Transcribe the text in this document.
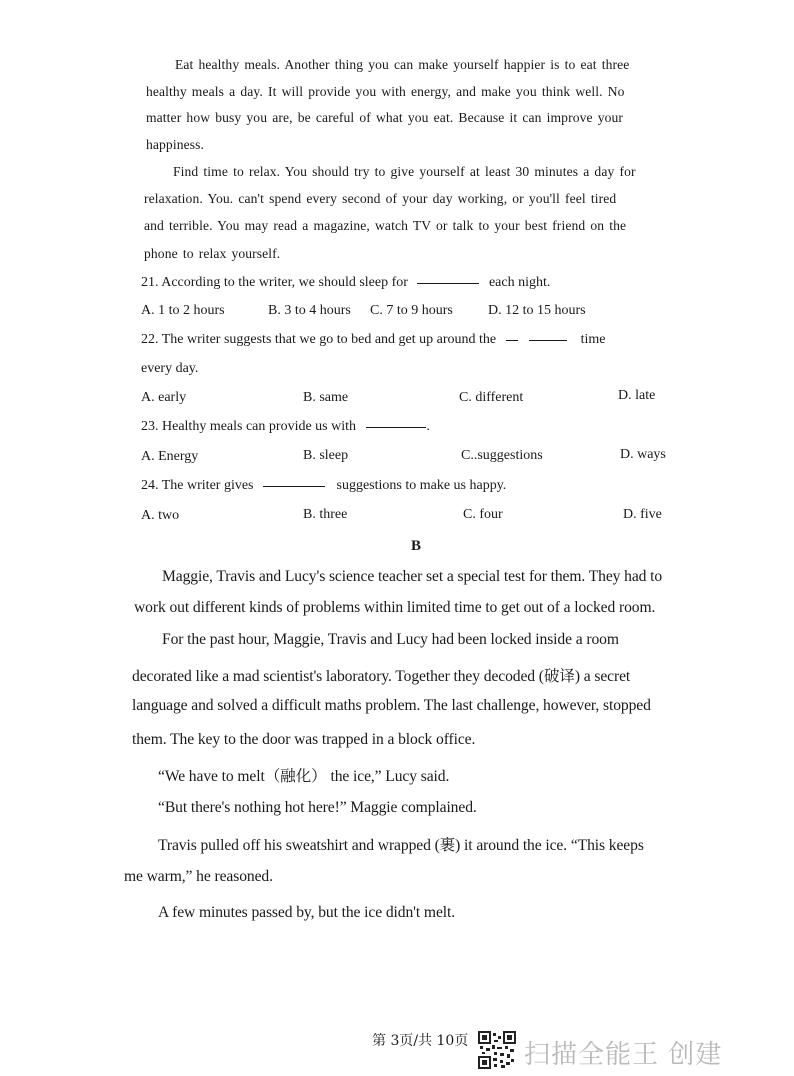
Eat healthy meals. Another thing you can make yourself happier is to eat three
healthy meals a day. It will provide you with energy, and make you think well. No
matter how busy you are, be careful of what you eat. Because it can improve your
happiness.
Find time to relax. You should try to give yourself at least 30 minutes a day for
relaxation. You. can't spend every second of your day working, or you'll feel tired
and terrible. You may read a magazine, watch TV or talk to your best friend on the
phone to relax yourself.
21. According to the writer, we should sleep for	each night.
A. 1 to 2 hours	B. 3 to 4 hours C. 7 to 9 hours	D. 12 to 15 hours
22. The writer suggests that we go to bed and get up around the	time
every day.
A. early	B. same	C. different	D. late
23. Healthy meals can provide us with	.
A. Energy	B. sleep	C..suggestions	D. ways
24. The writer gives	suggestions to make us happy.
A. two	B. three	C. four	D. five
B
Maggie, Travis and Lucy's science teacher set a special test for them. They had to
work out different kinds of problems within limited time to get out of a locked room.
For the past hour, Maggie, Travis and Lucy had been locked inside a room
decorated like a mad scientist's laboratory. Together they decoded (破译) a secret
language and solved a difficult maths problem. The last challenge, however, stopped
them. The key to the door was trapped in a block office.
“We have to melt（融化） the ice,” Lucy said.
“But there's nothing hot here!” Maggie complained.
Travis pulled off his sweatshirt and wrapped (裹) it around the ice. “This keeps
me warm,” he reasoned.
A few minutes passed by, but the ice didn't melt.
第 3页/共 10页 扫描全能王 创建
